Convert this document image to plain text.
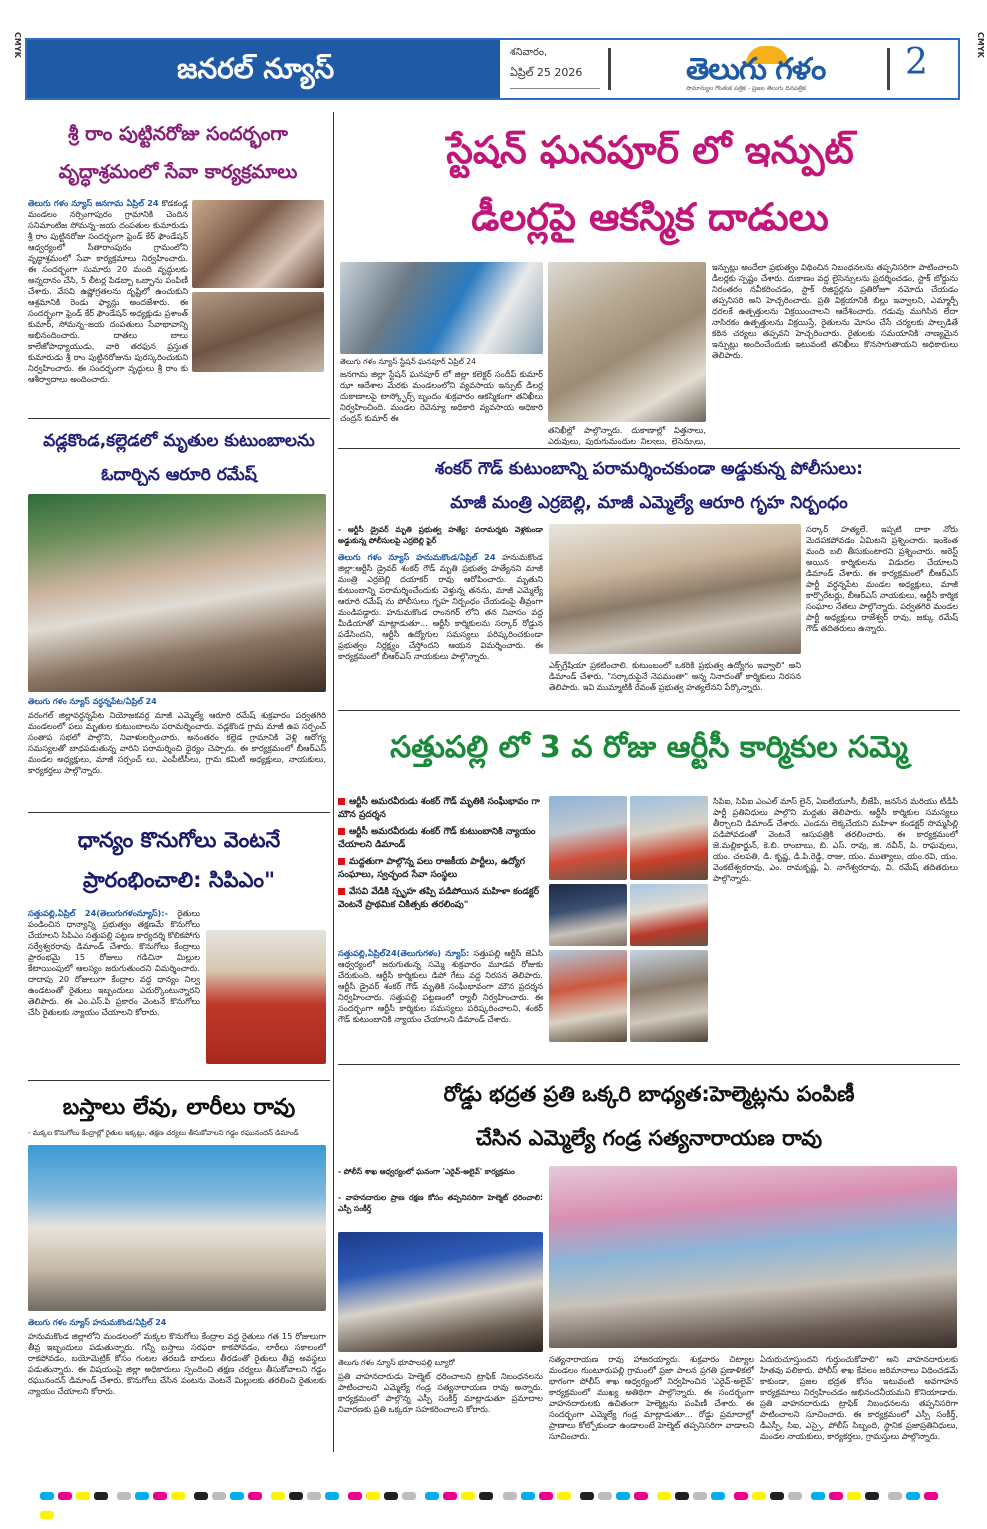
CMYK	CMYK
జనరల్ న్యూస్	శనివారం,
ఏప్రిల్ 25 2026	తెలుగు గళం
సామాన్యుల గొంతుక పత్రిక - ప్రజల తెలుగు దినపత్రిక
2
శ్రీ రాం పుట్టినరోజు సందర్భంగా వృద్ధాశ్రమంలో సేవా కార్యక్రమాలు
తెలుగు గళం న్యూస్ జనగామ ఏప్రిల్ 24 కొడకండ్ల మండలం నర్సింగాపురం గ్రామానికి చెందిన సనిమాంటిజ సోమన్న–జయ దంపతుల కుమారుడు శ్రీ రాం పుట్టినరోజు సందర్భంగా ఫ్రెండ్ కేర్ ఫౌండేషన్ ఆధ్వర్యంలో సీతారాంపురం గ్రామంలోని వృద్ధాశ్రమంలో సేవా కార్యక్రమాలు నిర్వహించారు. ఈ సందర్భంగా సుమారు 20 మంది వృద్ధులకు అన్నదానం చేసి, 5 లీటర్ల పిడబ్బా ఒబ్బాను పంపిణీ చేశారు. వేసవి ఉష్ణోగ్రతలను దృష్టిలో ఉంచుకుని ఆశ్రమానికి రెండు ఫ్యాన్లు అందజేశారు. ఈ సందర్భంగా ఫ్రెండ్ కేర్ ఫౌండేషన్ అధ్యక్షుడు ప్రశాంత్ కుమార్, సోమన్న–జయ దంపతులు సేవాభావాన్ని అభినందించారు. దాతలు బాలు కాలేజోపాధ్యాయుడు, వారి తరఫున ప్రస్తుత కుమారుడు శ్రీ రాం పుట్టినరోజును పురస్కరించుకుని నిర్వహించారు. ఈ సందర్భంగా వృద్ధులు శ్రీ రాం కు ఆశీర్వాదాలు అందించారు.
వడ్లకొండ,కల్లెడలో మృతుల కుటుంబాలను ఓదార్చిన ఆరూరి రమేష్
తెలుగు గళం న్యూస్ వర్ధన్నపేట/ఏప్రిల్ 24
వరంగల్ జిల్లావర్ధన్నపేట నియోజకవర్గ మాజీ ఎమ్మెల్యే ఆరూరి రమేష్ శుక్రవారం పర్వతగిరి మండలంలో పలు మృతుల కుటుంబాలను పరామర్శించారు. వడ్లకొండ గ్రామ మాజీ ఉప సర్పంచ్ సంతాప సభలో పాల్గొని, నివాళులర్పించారు. అనంతరం కల్లెడ గ్రామానికి వెళ్లి ఆరోగ్య సమస్యలతో బాధపడుతున్న వారిని పరామర్శించి ధైర్యం చెప్పారు. ఈ కార్యక్రమంలో బీఆర్ఎస్ మండల అధ్యక్షులు, మాజీ సర్పంచ్ లు, ఎంపీటీసీలు, గ్రామ కమిటీ అధ్యక్షులు, నాయకులు, కార్యకర్తలు పాల్గొన్నారు.
ధాన్యం కొనుగోలు వెంటనే ప్రారంభించాలి: సిపిఎం"
సత్తుపల్లి,ఏప్రిల్ 24(తెలుగుగళంన్యూస్):- రైతులు పండించిన ధాన్యాన్ని ప్రభుత్వం తక్షణమే కొనుగోలు చేయాలని సిపిఎం సత్తుపల్లి పట్టణ కార్యదర్శి కొలికపోగు సర్వేశ్వరరావు డిమాండ్ చేశారు. కొనుగోలు కేంద్రాలు ప్రారంభమై 15 రోజులు గడిచినా మిల్లుల కేటాయింపులో ఆలస్యం జరుగుతుందని విమర్శించారు. దాదాపు 20 రోజులుగా కేంద్రాల వద్ద ధాన్యం నిల్వ ఉండటంతో రైతులు ఇబ్బందులు ఎదుర్కొంటున్నారని తెలిపారు. ఈ ఎం.ఎస్.పి ప్రకారం వెంటనే కొనుగోలు చేసి రైతులకు న్యాయం చేయాలని కోరారు.
బస్తాలు లేవు, లారీలు రావు
- మక్కల కొనుగోలు కేంద్రాల్లో రైతుల ఇక్కట్లు, తక్షణ చర్యలు తీసుకోవాలని గడ్డం రఘునందన్ డిమాండ్
తెలుగు గళం న్యూస్ హనుమకొండ/ఏప్రిల్ 24
హనుమకొండ జిల్లాలోని మండలంలో మక్కల కొనుగోలు కేంద్రాల వద్ద రైతులు గత 15 రోజులుగా తీవ్ర ఇబ్బందులు పడుతున్నారు. గన్నీ బస్తాలు సరఫరా కాకపోవడం, లారీలు సకాలంలో రాకపోవడం, బయోమెట్రిక్ కోసం గంటల తరబడి బారులు తీరడంతో రైతులు తీవ్ర అవస్థలు పడుతున్నారు. ఈ విషయంపై జిల్లా అధికారులు స్పందించి తక్షణ చర్యలు తీసుకోవాలని గడ్డం రఘునందన్ డిమాండ్ చేశారు. కొనుగోలు చేసిన పంటను వెంటనే మిల్లులకు తరలించి రైతులకు న్యాయం చేయాలని కోరారు.
స్టేషన్ ఘనపూర్ లో ఇన్పుట్
డీలర్లపై ఆకస్మిక దాడులు
తెలుగు గళం న్యూస్ స్టేషన్ ఘనపూర్ ఏప్రిల్ 24
జనగామ జిల్లా స్టేషన్ ఘనపూర్ లో జిల్లా కలెక్టర్ సందీప్ కుమార్ ఝా ఆదేశాల మేరకు మండలంలోని వ్యవసాయ ఇన్పుట్ డీలర్ల దుకాణాలపై టాస్క్ఫోర్స్ బృందం శుక్రవారం ఆకస్మికంగా తనిఖీలు నిర్వహించింది. మండల రెవెన్యూ అధికారి వ్యవసాయ అధికారి చంద్రన్ కుమార్ ఈ
తనిఖీల్లో పాల్గొన్నారు. దుకాణాల్లో విత్తనాలు, ఎరువులు, పురుగుమందుల నిల్వలు, లైసెన్సులు,
ఇన్పుట్లు అందేలా ప్రభుత్వం విధించిన నిబంధనలను తప్పనిసరిగా పాటించాలని డీలర్లకు స్పష్టం చేశారు. దుకాణం వద్ద లైసెన్సులను ప్రదర్శించడం, స్టాక్ బోర్డును నిరంతరం నవీకరించడం, స్టాక్ రిజిస్టర్లను ప్రతిరోజూ నమోదు చేయడం తప్పనిసరి అని హెచ్చరించారు. ప్రతి విక్రయానికి బిల్లు ఇవ్వాలని, ఎమ్మార్పీ ధరలకే ఉత్పత్తులను విక్రయించాలని ఆదేశించారు. గడువు ముగిసిన లేదా నాసిరకం ఉత్పత్తులను విక్రయిస్తే, రైతులను మోసం చేసే చర్యలకు పాల్పడితే కఠిన చర్యలు తప్పవని హెచ్చరించారు. రైతులకు సమయానికి నాణ్యమైన ఇన్పుట్లు అందించేందుకు ఇటువంటి తనిఖీలు కొనసాగుతాయని అధికారులు తెలిపారు.
శంకర్ గౌడ్ కుటుంబాన్ని పరామర్శించకుండా అడ్డుకున్న పోలీసులు:
మాజీ మంత్రి ఎర్రబెల్లి, మాజీ ఎమ్మెల్యే ఆరూరి గృహ నిర్బంధం
- ఆర్టీసీ డ్రైవర్ మృతి ప్రభుత్వ హత్యే: పరామర్శకు వెళ్లకుండా అడ్డుకున్న పోలీసులపై ఎర్రబెల్లి ఫైర్
తెలుగు గళం న్యూస్ హనుమకొండ/ఏప్రిల్ 24 హనుమకొండ జిల్లా:ఆర్టీసీ డ్రైవర్ శంకర్ గౌడ్ మృతి ప్రభుత్వ హత్యేనని మాజీ మంత్రి ఎర్రబెల్లి దయాకర్ రావు ఆరోపించారు. మృతుని కుటుంబాన్ని పరామర్శించేందుకు వెళ్తున్న తనను, మాజీ ఎమ్మెల్యే ఆరూరి రమేష్ ను పోలీసులు గృహ నిర్బంధం చేయడంపై తీవ్రంగా మండిపడ్డారు. హనుమకొండ రాంనగర్ లోని తన నివాసం వద్ద మీడియాతో మాట్లాడుతూ... ఆర్టీసీ కార్మికులను సర్కార్ రోడ్డున పడేసిందని, ఆర్టీసీ ఉద్యోగుల సమస్యలు పరిష్కరించకుండా ప్రభుత్వం నిర్లక్ష్యం చేస్తోందని ఆయన విమర్శించారు. ఈ కార్యక్రమంలో బీఆర్ఎస్ నాయకులు పాల్గొన్నారు.
ఎక్స్‌గ్రేషియా ప్రకటించాలి. కుటుంబంలో ఒకరికి ప్రభుత్వ ఉద్యోగం ఇవ్వాలి" అని డిమాండ్ చేశారు. "సర్కారుపైనే నెపమంతా" అన్న నినాదంతో కార్మికులు నిరసన తెలిపారు. ఇవి ముమ్మాటికీ రేవంత్ ప్రభుత్వ హత్యలేనని పేర్కొన్నారు.
సర్కార్ హత్యలే. ఇప్పటి దాకా నోరు మెదపకపోవడం ఏమిటని ప్రశ్నించారు. ఇంకెంత మంది బలి తీసుకుంటారని ప్రశ్నించారు. అరెస్ట్ అయిన కార్మికులను విడుదల చేయాలని డిమాండ్ చేశారు. ఈ కార్యక్రమంలో బీఆర్ఎస్ పార్టీ వర్ధన్నపేట మండల అధ్యక్షులు, మాజీ కార్పొరేటర్లు, బీఆర్ఎస్ నాయకులు, ఆర్టీసీ కార్మిక సంఘాల నేతలు పాల్గొన్నారు. పర్వతగిరి మండల పార్టీ అధ్యక్షులు రాజేశ్వర్ రావు, జక్కు రమేష్ గౌడ్ తదితరులు ఉన్నారు.
సత్తుపల్లి లో 3 వ రోజు ఆర్టీసీ కార్మికుల సమ్మె
ఆర్టీసీ అమరవీరుడు శంకర్ గౌడ్ మృతికి సంఘీభావం గా మౌన ప్రదర్శన
ఆర్టీసీ అమరవీరుడు శంకర్ గౌడ్ కుటుంబానికి న్యాయం చేయాలని డిమాండ్
మద్దతుగా పాల్గొన్న పలు రాజకీయ పార్టీలు, ఉద్యోగ సంఘాలు, స్వచ్ఛంద సేవా సంస్థలు
వేసవి వేడికి స్పృహ తప్పి పడిపోయిన మహిళా కండక్టర్ వెంటనే ప్రాథమిక చికిత్సకు తరలింపు"
సత్తుపల్లి,ఏప్రిల్24(తెలుగుగళం) న్యూస్: సత్తుపల్లి ఆర్టీసీ జెఏసి ఆధ్వర్యంలో జరుగుతున్న సమ్మె శుక్రవారం మూడవ రోజుకు చేరుకుంది. ఆర్టీసీ కార్మికులు డిపో గేటు వద్ద నిరసన తెలిపారు. ఆర్టీసీ డ్రైవర్ శంకర్ గౌడ్ మృతికి సంఘీభావంగా మౌన ప్రదర్శన నిర్వహించారు. సత్తుపల్లి పట్టణంలో ర్యాలీ నిర్వహించారు. ఈ సందర్భంగా ఆర్టీసీ కార్మికుల సమస్యలు పరిష్కరించాలని, శంకర్ గౌడ్ కుటుంబానికి న్యాయం చేయాలని డిమాండ్ చేశారు.
సిపిఐ, సిపిఐ ఎంఎల్ మాస్ లైన్, ఏఐటీయూసీ, బీజేపీ, జనసేన మరియు టీడీపీ పార్టీ ప్రతినిధులు పాల్గొని మద్దతు తెలిపారు. ఆర్టీసీ కార్మికుల సమస్యలు తీర్చాలని డిమాండ్ చేశారు. ఎండను లెక్కచేయని మహిళా కండక్టర్ సొమ్మసిల్లి పడిపోవడంతో వెంటనే ఆసుపత్రికి తరలించారు. ఈ కార్యక్రమంలో జె.మల్లికార్జున్, కె.బి. రాంబాబు, బి. ఎస్. రావు, జి. నవీన్, పి. రాఘవులు, యం. చలపతి, డి. కృష్ణ, డి.పి.రెడ్డి, రాజు, యం. ముత్యాలు, యం.రవి, యం. వెంకటేశ్వరరావు, ఎం. రామకృష్ణ, ఏ. నాగేశ్వరరావు, వి. రమేష్ తదితరులు పాల్గొన్నారు.
రోడ్డు భద్రత ప్రతి ఒక్కరి బాధ్యత:హెల్మెట్లను పంపిణీ
చేసిన ఎమ్మెల్యే గండ్ర సత్యనారాయణ రావు
- పోలీస్ శాఖ ఆధ్వర్యంలో ఘనంగా 'ఎరైవ్-అలైవ్' కార్యక్రమం
- వాహనదారుల ప్రాణ రక్షణ కోసం తప్పనిసరిగా హెల్మెట్ ధరించాలి: ఎస్పీ సంకీర్త్
తెలుగు గళం న్యూస్ భూపాలపల్లి బ్యూరో
ప్రతి వాహనదారుడు హెల్మెట్ ధరించాలని ట్రాఫిక్ నిబంధనలను పాటించాలని ఎమ్మెల్యే గండ్ర సత్యనారాయణ రావు అన్నారు. కార్యక్రమంలో పాల్గొన్న ఎస్పీ సంకీర్త్ మాట్లాడుతూ ప్రమాదాల నివారణకు ప్రతి ఒక్కరూ సహకరించాలని కోరారు.
సత్యనారాయణ రావు హాజరయ్యారు. శుక్రవారం చిట్యాల మండలం గుంటూరుపల్లి గ్రామంలో ప్రజా పాలన ప్రగతి ప్రణాళికలో భాగంగా పోలీస్ శాఖ ఆధ్వర్యంలో నిర్వహించిన 'ఎరైవ్-అలైవ్' కార్యక్రమంలో ముఖ్య అతిథిగా పాల్గొన్నారు. ఈ సందర్భంగా వాహనదారులకు ఉచితంగా హెల్మెట్లను పంపిణీ చేశారు. ఈ సందర్భంగా ఎమ్మెల్యే గండ్ర మాట్లాడుతూ... రోడ్డు ప్రమాదాల్లో ప్రాణాలు కోల్పోకుండా ఉండాలంటే హెల్మెట్ తప్పనిసరిగా వాడాలని సూచించారు.
ఏదురుచూస్తుందని గుర్తుంచుకోవాలి" అని వాహనదారులకు హితవు పలికారు. పోలీస్ శాఖ కేవలం జరిమానాలు విధించడమే కాకుండా, ప్రజల భద్రత కోసం ఇటువంటి అవగాహన కార్యక్రమాలు నిర్వహించడం అభినందనీయమని కొనియాడారు. ప్రతి వాహనదారుడు ట్రాఫిక్ నిబంధనలను తప్పనిసరిగా పాటించాలని సూచించారు. ఈ కార్యక్రమంలో ఎస్పీ సంకీర్త్, డీఎస్పీ, సిఐ, ఎస్సై, పోలీస్ సిబ్బంది, స్థానిక ప్రజాప్రతినిధులు, మండల నాయకులు, కార్యకర్తలు, గ్రామస్తులు పాల్గొన్నారు.
